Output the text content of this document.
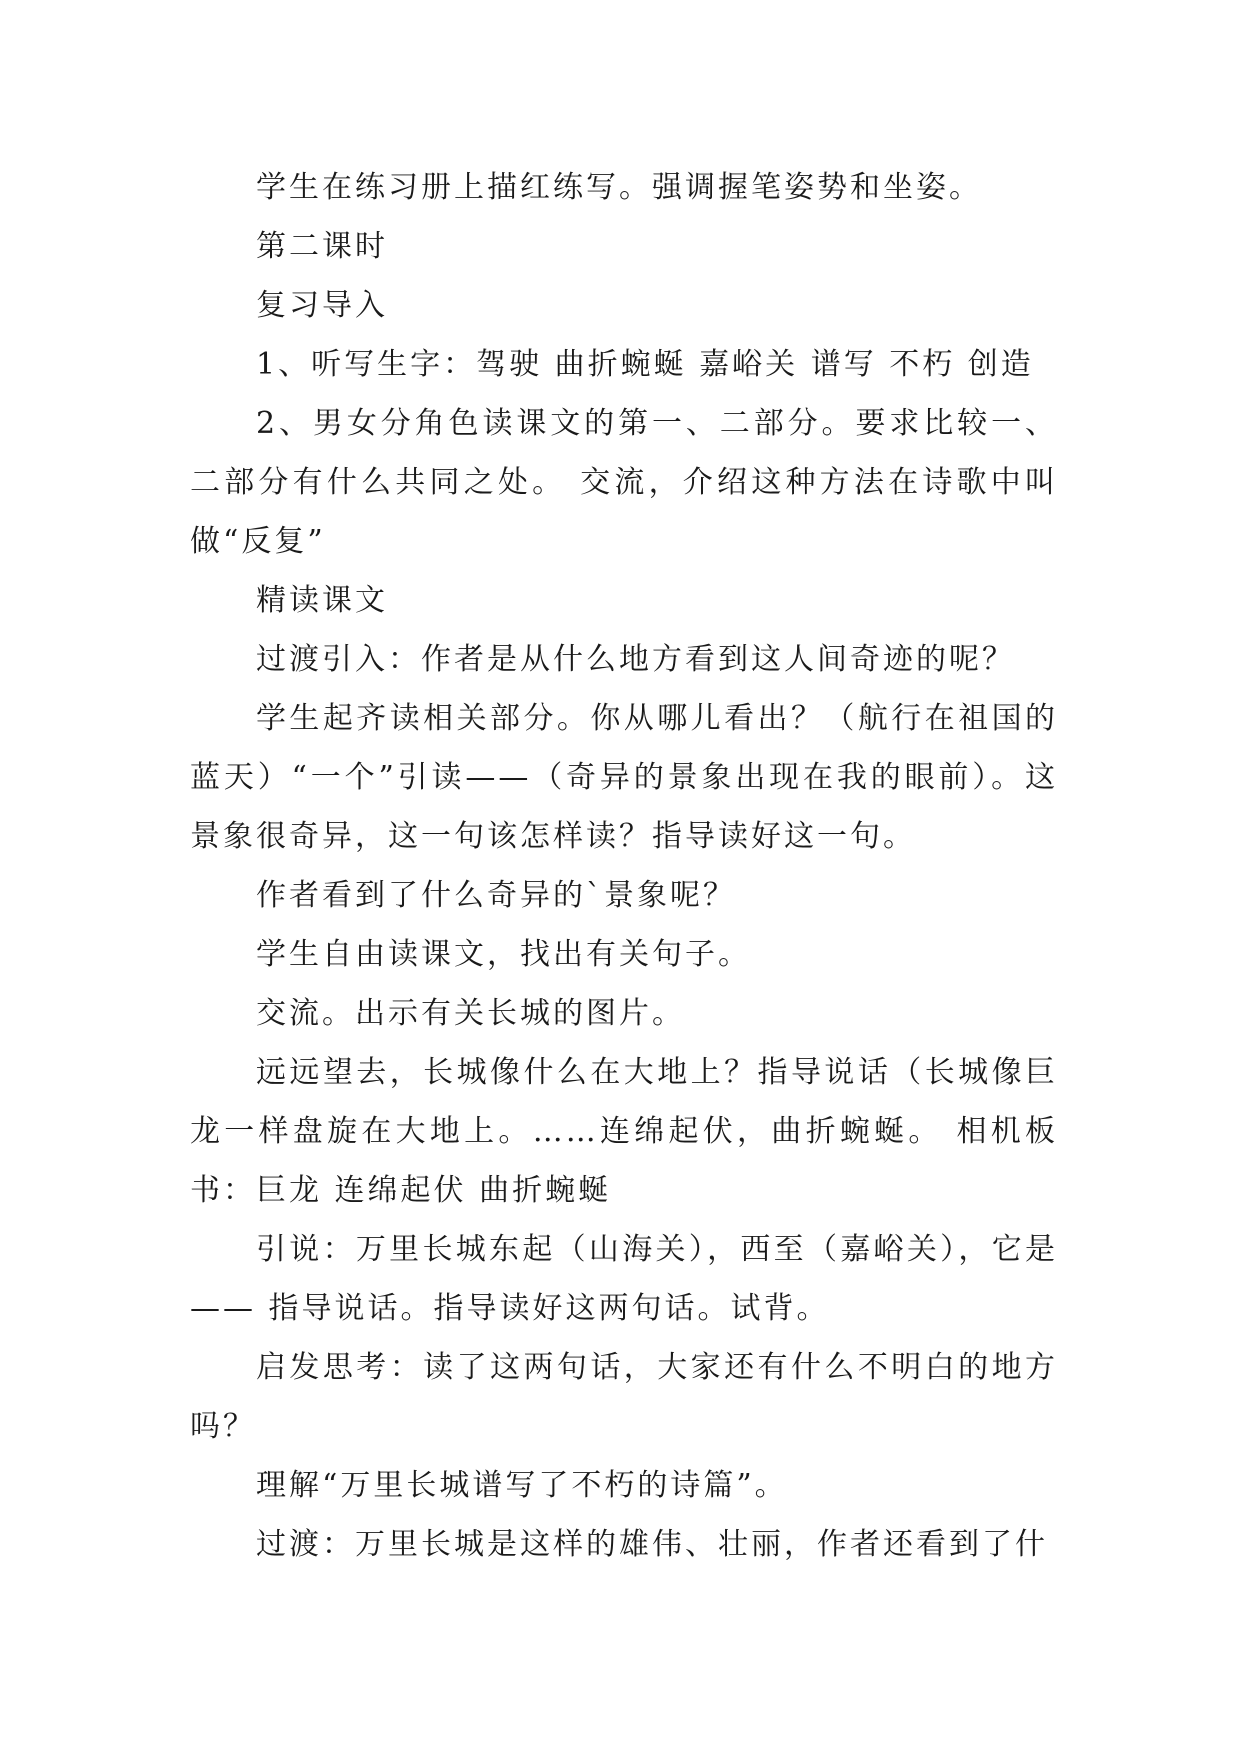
学生在练习册上描红练写。强调握笔姿势和坐姿。

第二课时

复习导入

1、听写生字：驾驶 曲折蜿蜒 嘉峪关 谱写 不朽 创造

2、男女分角色读课文的第一、二部分。要求比较一、二部分有什么共同之处。 交流，介绍这种方法在诗歌中叫做“反复”

精读课文

过渡引入：作者是从什么地方看到这人间奇迹的呢？

学生起齐读相关部分。你从哪儿看出？（航行在祖国的蓝天）“一个”引读——（奇异的景象出现在我的眼前）。这景象很奇异，这一句该怎样读？指导读好这一句。

作者看到了什么奇异的`景象呢？

学生自由读课文，找出有关句子。

交流。出示有关长城的图片。

远远望去，长城像什么在大地上？指导说话（长城像巨龙一样盘旋在大地上。……连绵起伏，曲折蜿蜒。 相机板书：巨龙 连绵起伏 曲折蜿蜒

引说：万里长城东起（山海关），西至（嘉峪关），它是—— 指导说话。指导读好这两句话。试背。

启发思考：读了这两句话，大家还有什么不明白的地方吗？

理解“万里长城谱写了不朽的诗篇”。

过渡：万里长城是这样的雄伟、壮丽，作者还看到了什
